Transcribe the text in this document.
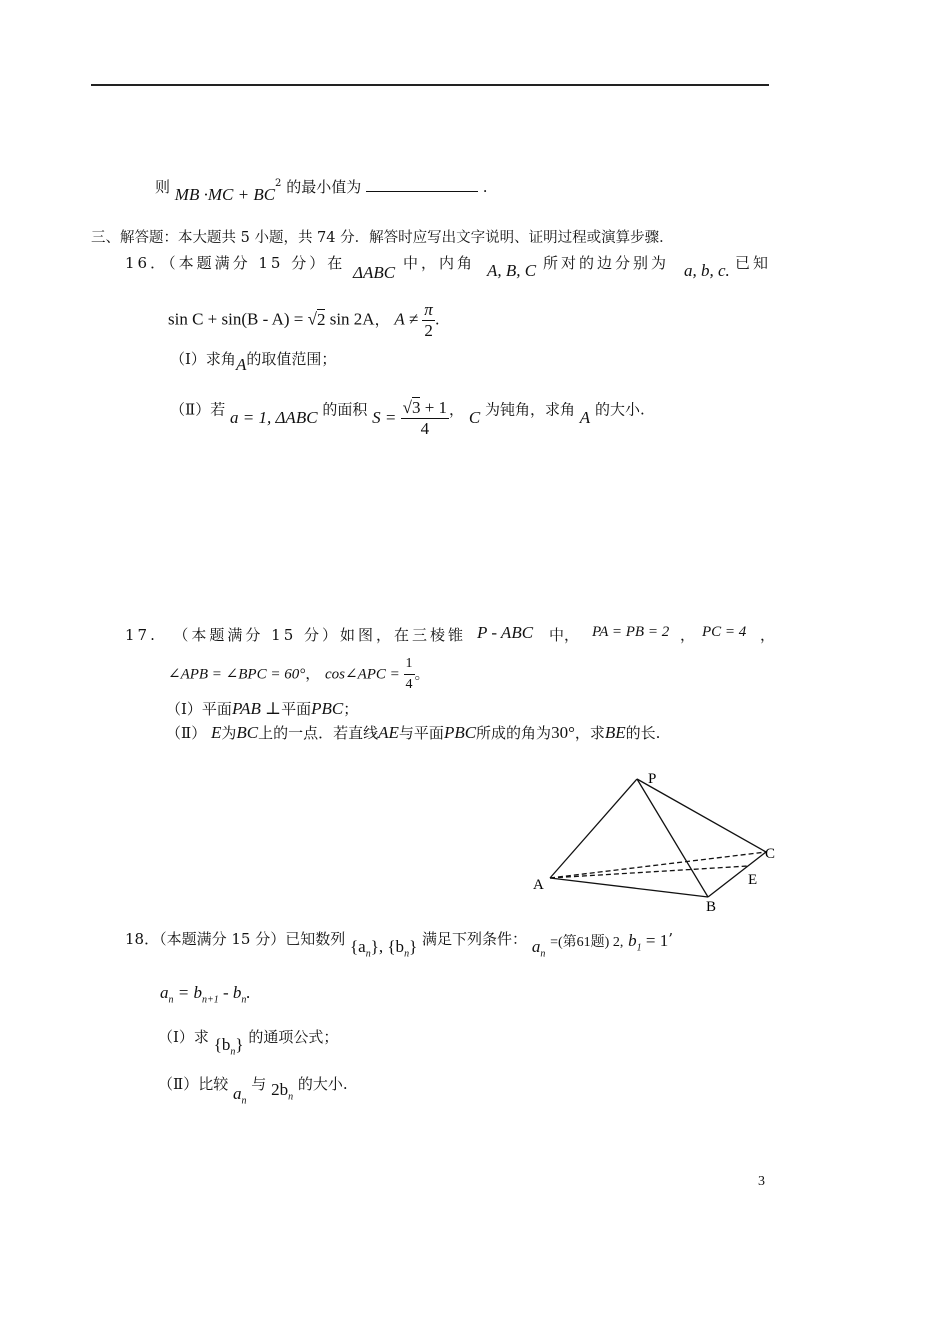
则 MB $\cdot MC + BC^2$ 的最小值为	.
三、解答题：本大题共 5 小题，共 74 分．解答时应写出文字说明、证明过程或演算步骤．
16．（本题满分 15 分）在 ΔABC 中，内角 A, B, C 所对的边分别为 a, b, c. 已知
sin C + sin(B - A) = √2 sin 2A， $A \ne \frac{\pi}{2}$ .
（Ⅰ）求角A的取值范围；
（Ⅱ）若 a = 1, ΔABC 的面积 $S = \frac{√3 + 1}{4}$ ， C 为钝角，求角 A 的大小.
17. （本题满分 15 分）如图，在三棱锥 P - ABC 中， PA = PB = 2 ， PC = 4 ，
∠APB = ∠BPC = 60°， cos∠APC = $\frac{1}{4}$ 。
（Ⅰ）平面PAB ⊥平面PBC；
（Ⅱ） E为BC上的一点．若直线AE与平面PBC所成的角为30°，求BE的长.
P
A
B
C
E
18．（本题满分 15 分）已知数列 $\{a_n\}$, $\{b_n\}$ 满足下列条件： $a_n$ =(第61题) 2, $b_1 = 1$’
$a_n = b_{n+1} - b_n$.
（Ⅰ）求 $\{b_n\}$ 的通项公式；
（Ⅱ）比较 $a_n$ 与 $2b_n$ 的大小.
3
